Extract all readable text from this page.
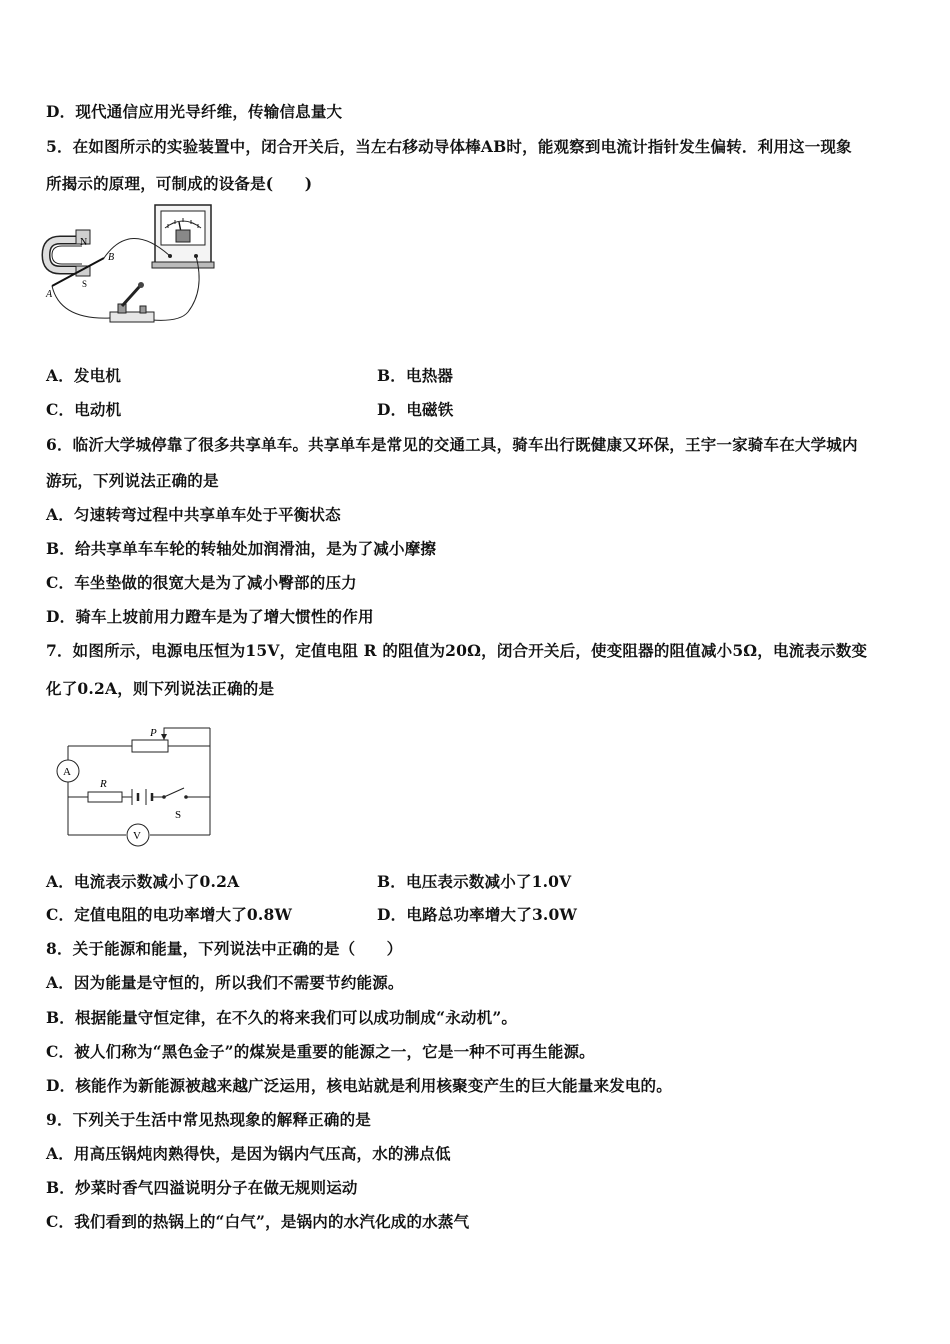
D．现代通信应用光导纤维，传输信息量大
5．在如图所示的实验装置中，闭合开关后，当左右移动导体棒AB时，能观察到电流计指针发生偏转．利用这一现象
所揭示的原理，可制成的设备是(　　)
N
S
A
B
A．发电机	B．电热器
C．电动机	D．电磁铁
6．临沂大学城停靠了很多共享单车。共享单车是常见的交通工具，骑车出行既健康又环保，王宇一家骑车在大学城内
游玩，下列说法正确的是
A．匀速转弯过程中共享单车处于平衡状态
B．给共享单车车轮的转轴处加润滑油，是为了减小摩擦
C．车坐垫做的很宽大是为了减小臀部的压力
D．骑车上坡前用力蹬车是为了增大惯性的作用
7．如图所示，电源电压恒为15V，定值电阻 R 的阻值为20Ω，闭合开关后，使变阻器的阻值减小5Ω，电流表示数变
化了0.2A，则下列说法正确的是
P
A
R
S
V
A．电流表示数减小了0.2A	B．电压表示数减小了1.0V
C．定值电阻的电功率增大了0.8W	D．电路总功率增大了3.0W
8．关于能源和能量，下列说法中正确的是（　　）
A．因为能量是守恒的，所以我们不需要节约能源。
B．根据能量守恒定律，在不久的将来我们可以成功制成“永动机”。
C．被人们称为“黑色金子”的煤炭是重要的能源之一，它是一种不可再生能源。
D．核能作为新能源被越来越广泛运用，核电站就是利用核聚变产生的巨大能量来发电的。
9．下列关于生活中常见热现象的解释正确的是
A．用高压锅炖肉熟得快，是因为锅内气压高，水的沸点低
B．炒菜时香气四溢说明分子在做无规则运动
C．我们看到的热锅上的“白气”，是锅内的水汽化成的水蒸气
